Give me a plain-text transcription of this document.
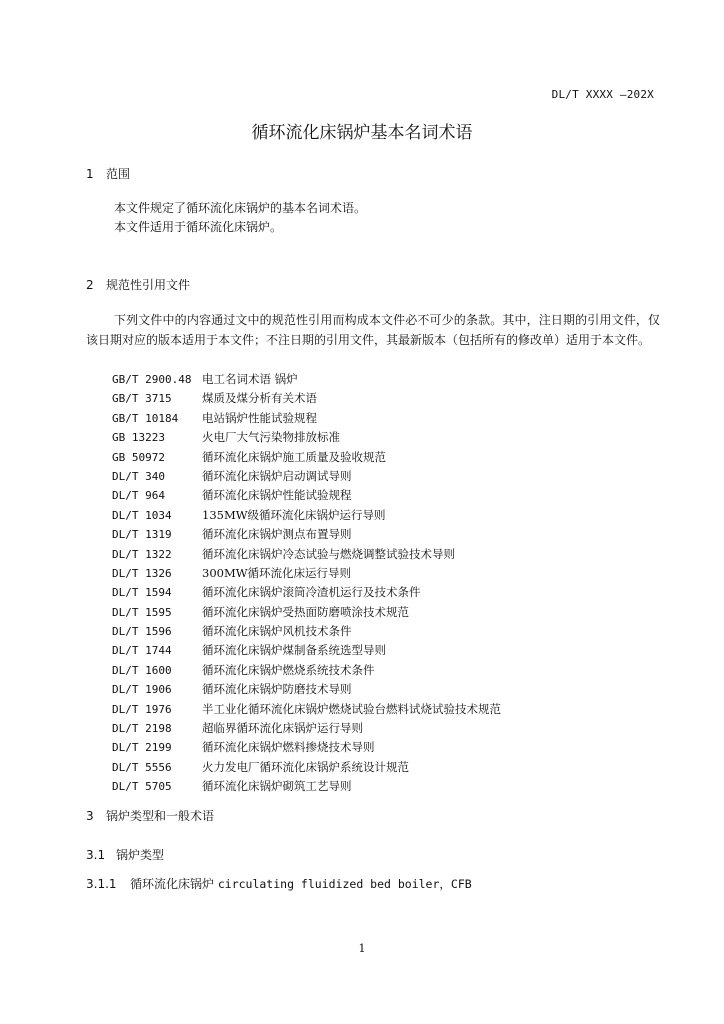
DL/T XXXX —202X
循环流化床锅炉基本名词术语
1 范围
本文件规定了循环流化床锅炉的基本名词术语。
本文件适用于循环流化床锅炉。
2 规范性引用文件
下列文件中的内容通过文中的规范性引用而构成本文件必不可少的条款。其中，注日期的引用文件，仅该日期对应的版本适用于本文件；不注日期的引用文件，其最新版本（包括所有的修改单）适用于本文件。
GB/T 2900.48 电工名词术语 锅炉
GB/T 3715	煤质及煤分析有关术语
GB/T 10184 电站锅炉性能试验规程
GB 13223	火电厂大气污染物排放标准
GB 50972	循环流化床锅炉施工质量及验收规范
DL/T 340	循环流化床锅炉启动调试导则
DL/T 964	循环流化床锅炉性能试验规程
DL/T 1034	135MW级循环流化床锅炉运行导则
DL/T 1319	循环流化床锅炉测点布置导则
DL/T 1322	循环流化床锅炉冷态试验与燃烧调整试验技术导则
DL/T 1326	300MW循环流化床运行导则
DL/T 1594	循环流化床锅炉滚筒冷渣机运行及技术条件
DL/T 1595	循环流化床锅炉受热面防磨喷涂技术规范
DL/T 1596	循环流化床锅炉风机技术条件
DL/T 1744	循环流化床锅炉煤制备系统选型导则
DL/T 1600	循环流化床锅炉燃烧系统技术条件
DL/T 1906	循环流化床锅炉防磨技术导则
DL/T 1976	半工业化循环流化床锅炉燃烧试验台燃料试烧试验技术规范
DL/T 2198	超临界循环流化床锅炉运行导则
DL/T 2199	循环流化床锅炉燃料掺烧技术导则
DL/T 5556	火力发电厂循环流化床锅炉系统设计规范
DL/T 5705	循环流化床锅炉砌筑工艺导则
3 锅炉类型和一般术语
3.1 锅炉类型
3.1.1 循环流化床锅炉 circulating fluidized bed boiler，CFB
1
